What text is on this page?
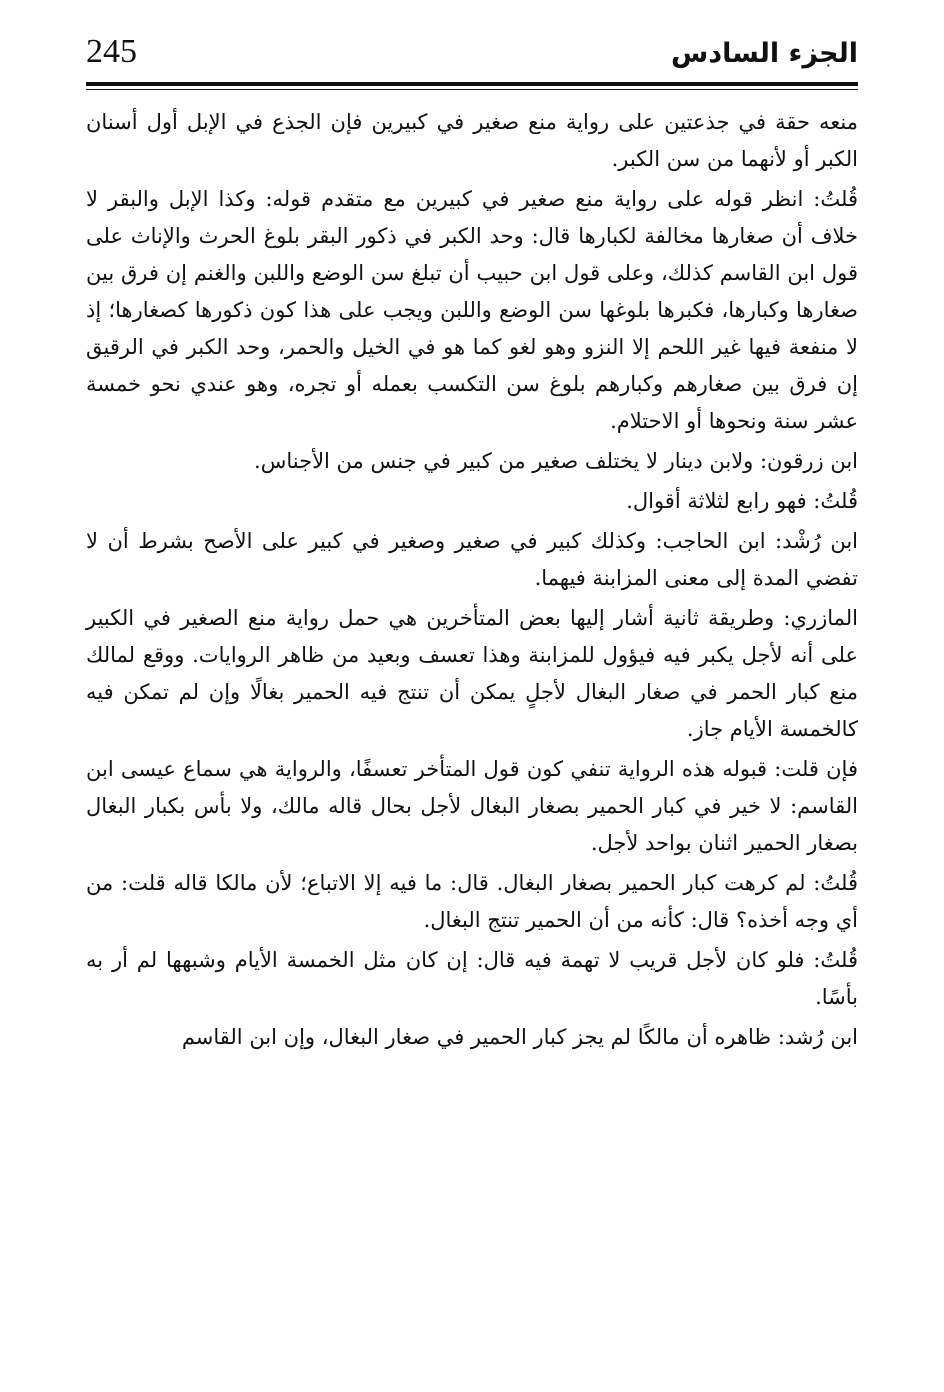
245	الجزء السادس

منعه حقة في جذعتين على رواية منع صغير في كبيرين فإن الجذع في الإبل أول أسنان الكبر أو لأنهما من سن الكبر.

قُلتُ: انظر قوله على رواية منع صغير في كبيرين مع متقدم قوله: وكذا الإبل والبقر لا خلاف أن صغارها مخالفة لكبارها قال: وحد الكبر في ذكور البقر بلوغ الحرث والإناث على قول ابن القاسم كذلك، وعلى قول ابن حبيب أن تبلغ سن الوضع واللبن والغنم إن فرق بين صغارها وكبارها، فكبرها بلوغها سن الوضع واللبن ويجب على هذا كون ذكورها كصغارها؛ إذ لا منفعة فيها غير اللحم إلا النزو وهو لغو كما هو في الخيل والحمر، وحد الكبر في الرقيق إن فرق بين صغارهم وكبارهم بلوغ سن التكسب بعمله أو تجره، وهو عندي نحو خمسة عشر سنة ونحوها أو الاحتلام.

ابن زرقون: ولابن دينار لا يختلف صغير من كبير في جنس من الأجناس.

قُلتُ: فهو رابع لثلاثة أقوال.

ابن رُشْد: ابن الحاجب: وكذلك كبير في صغير وصغير في كبير على الأصح بشرط أن لا تفضي المدة إلى معنى المزابنة فيهما.

المازري: وطريقة ثانية أشار إليها بعض المتأخرين هي حمل رواية منع الصغير في الكبير على أنه لأجل يكبر فيه فيؤول للمزابنة وهذا تعسف وبعيد من ظاهر الروايات. ووقع لمالك منع كبار الحمر في صغار البغال لأجلٍ يمكن أن تنتج فيه الحمير بغالًا وإن لم تمكن فيه كالخمسة الأيام جاز.

فإن قلت: قبوله هذه الرواية تنفي كون قول المتأخر تعسفًا، والرواية هي سماع عيسى ابن القاسم: لا خير في كبار الحمير بصغار البغال لأجل بحال قاله مالك، ولا بأس بكبار البغال بصغار الحمير اثنان بواحد لأجل.

قُلتُ: لم كرهت كبار الحمير بصغار البغال. قال: ما فيه إلا الاتباع؛ لأن مالكا قاله قلت: من أي وجه أخذه؟ قال: كأنه من أن الحمير تنتج البغال.

قُلتُ: فلو كان لأجل قريب لا تهمة فيه قال: إن كان مثل الخمسة الأيام وشبهها لم أر به بأسًا.

ابن رُشد: ظاهره أن مالكًا لم يجز كبار الحمير في صغار البغال، وإن ابن القاسم
